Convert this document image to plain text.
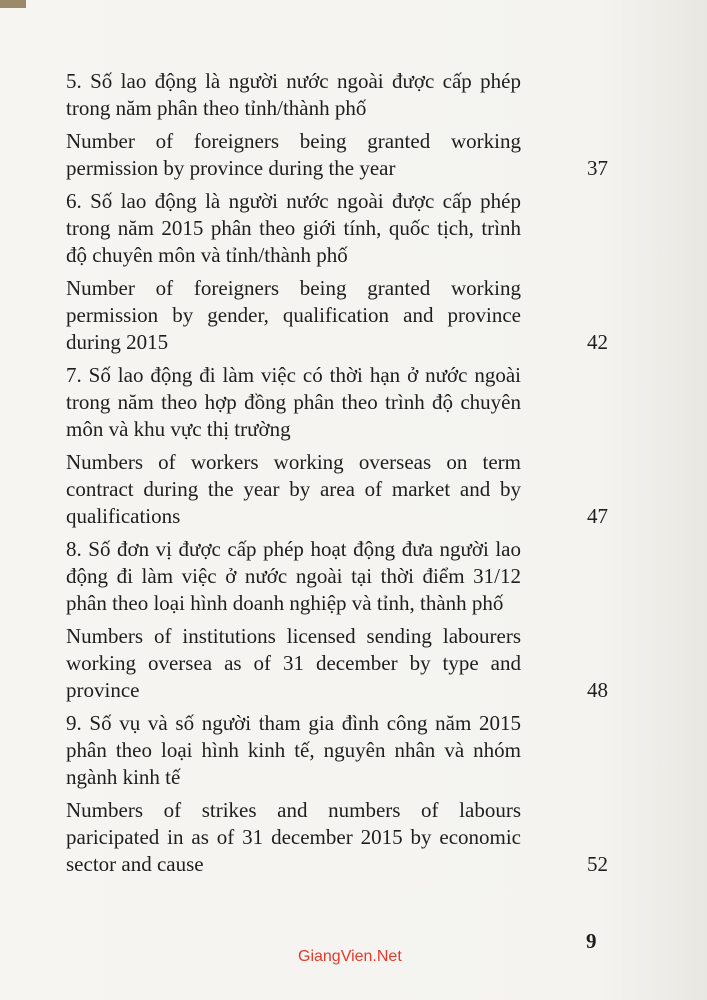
5. Số lao động là người nước ngoài được cấp phép
trong năm phân theo tỉnh/thành phố
Number of foreigners being granted working
permission by province during the year	37
6. Số lao động là người nước ngoài được cấp phép
trong năm 2015 phân theo giới tính, quốc tịch, trình
độ chuyên môn và tỉnh/thành phố
Number of foreigners being granted working
permission by gender, qualification and province
during 2015	42
7. Số lao động đi làm việc có thời hạn ở nước ngoài
trong năm theo hợp đồng phân theo trình độ chuyên
môn và khu vực thị trường
Numbers of workers working overseas on term
contract during the year by area of market and by
qualifications	47
8. Số đơn vị được cấp phép hoạt động đưa người lao
động đi làm việc ở nước ngoài tại thời điểm 31/12
phân theo loại hình doanh nghiệp và tỉnh, thành phố
Numbers of institutions licensed sending labourers
working oversea as of 31 december by type and
province	48
9. Số vụ và số người tham gia đình công năm 2015
phân theo loại hình kinh tế, nguyên nhân và nhóm
ngành kinh tế
Numbers of strikes and numbers of labours
paricipated in as of 31 december 2015 by economic
sector and cause	52
9
GiangVien.Net
